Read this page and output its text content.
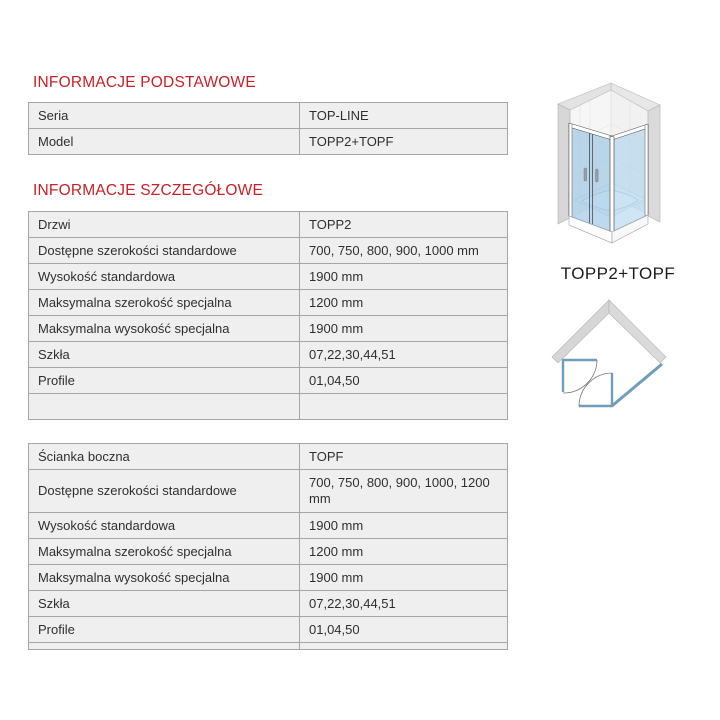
INFORMACJE PODSTAWOWE
Seria	TOP-LINE
Model	TOPP2+TOPF
INFORMACJE SZCZEGÓŁOWE
Drzwi	TOPP2
Dostępne szerokości standardowe	700, 750, 800, 900, 1000 mm
Wysokość standardowa	1900 mm
Maksymalna szerokość specjalna	1200 mm
Maksymalna wysokość specjalna	1900 mm
Szkła	07,22,30,44,51
Profile	01,04,50

Ścianka boczna	TOPF
Dostępne szerokości standardowe	700, 750, 800, 900, 1000, 1200 mm
Wysokość standardowa	1900 mm
Maksymalna szerokość specjalna	1200 mm
Maksymalna wysokość specjalna	1900 mm
Szkła	07,22,30,44,51
Profile	01,04,50

TOPP2+TOPF
